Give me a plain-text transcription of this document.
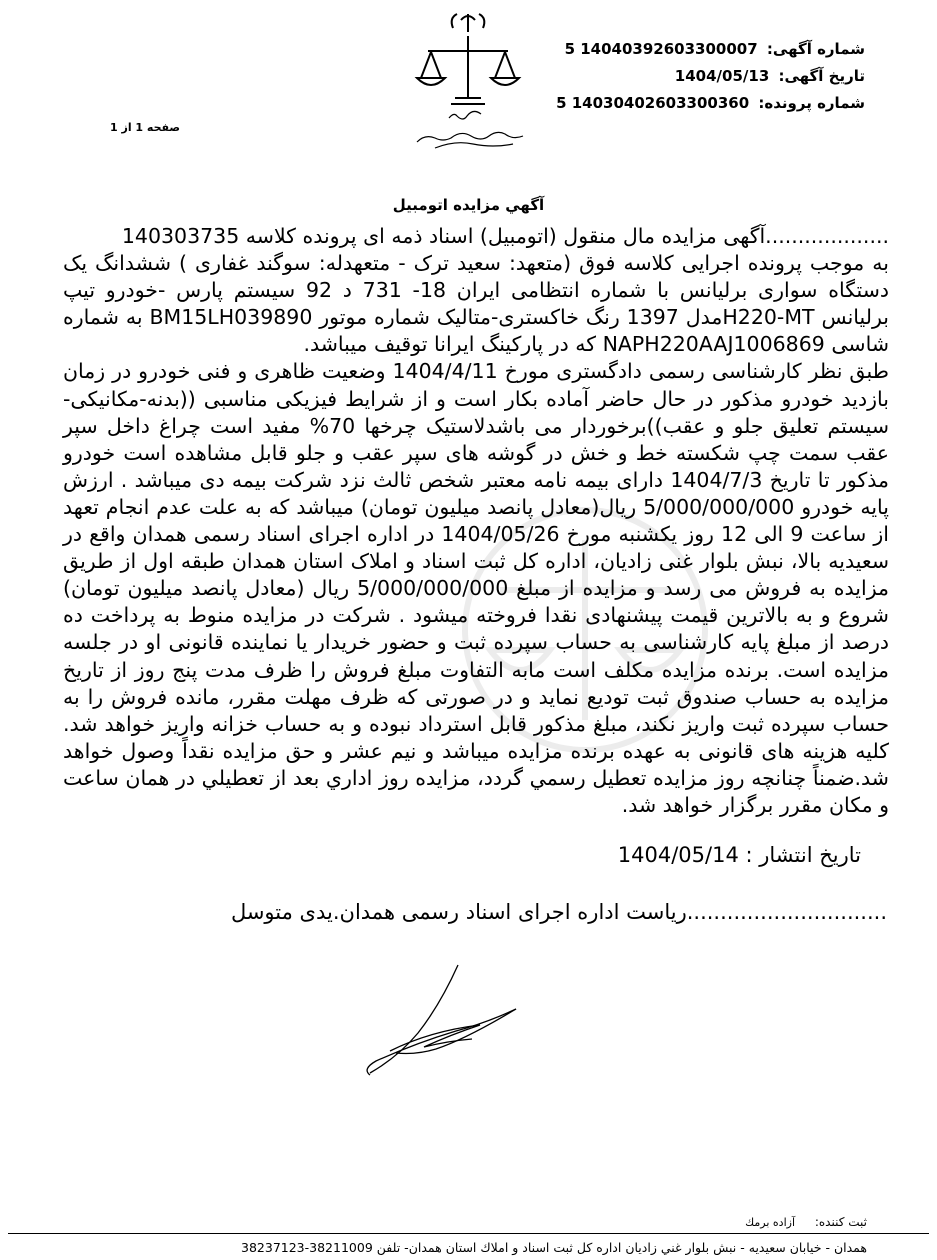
شماره آگهی: 14040392603300007 5
تاریخ آگهی: 1404/05/13
شماره پرونده: 14030402603300360 5
صفحه 1 از 1
آگهي مزايده اتومبيل

...................آگهی مزایده مال منقول (اتومبیل) اسناد ذمه ای پرونده کلاسه 140303735

به موجب پرونده اجرایی کلاسه فوق (متعهد: سعید ترک - متعهدله: سوگند غفاری ) ششدانگ یک دستگاه سواری برلیانس با شماره انتظامی ایران 18- 731 د 92 سیستم پارس -خودرو تیپ برلیانس H220-MTمدل 1397 رنگ خاکستری-متالیک شماره موتور BM15LH039890 به شماره شاسی NAPH220AAJ1006869 که در پارکینگ ایرانا توقیف میباشد.

طبق نظر کارشناسی رسمی دادگستری مورخ 1404/4/11 وضعیت ظاهری و فنی خودرو در زمان بازدید خودرو مذکور در حال حاضر آماده بکار است و از شرایط فیزیکی مناسبی ((بدنه-مکانیکی-سیستم تعلیق جلو و عقب))برخوردار می باشدلاستیک چرخها 70% مفید است چراغ داخل سپر عقب سمت چپ شکسته خط و خش در گوشه های سپر عقب و جلو قابل مشاهده است خودرو مذکور تا تاریخ 1404/7/3 دارای بیمه نامه معتبر شخص ثالث نزد شرکت بیمه دی میباشد . ارزش پایه خودرو 5/000/000/000 ریال(معادل پانصد میلیون تومان) میباشد که به علت عدم انجام تعهد از ساعت 9 الی 12 روز یکشنبه مورخ 1404/05/26 در اداره اجرای اسناد رسمی همدان واقع در سعیدیه بالا، نبش بلوار غنی زادیان، اداره کل ثبت اسناد و املاک استان همدان طبقه اول از طریق مزایده به فروش می رسد و مزایده از مبلغ 5/000/000/000 ریال (معادل پانصد میلیون تومان) شروع و به بالاترین قیمت پیشنهادی نقدا فروخته میشود . شرکت در مزایده منوط به پرداخت ده درصد از مبلغ پایه کارشناسی به حساب سپرده ثبت و حضور خریدار یا نماینده قانونی او در جلسه مزایده است. برنده مزایده مکلف است مابه التفاوت مبلغ فروش را ظرف مدت پنج روز از تاریخ مزایده به حساب صندوق ثبت تودیع نماید و در صورتی که ظرف مهلت مقرر، مانده فروش را به حساب سپرده ثبت واریز نکند، مبلغ مذکور قابل استرداد نبوده و به حساب خزانه واریز خواهد شد. کلیه هزینه های قانونی به عهده برنده مزایده میباشد و نیم عشر و حق مزایده نقداً وصول خواهد شد.ضمناً چنانچه روز مزایده تعطیل رسمي گردد، مزايده روز اداري بعد از تعطيلي در همان ساعت و مكان مقرر برگزار خواهد شد.

تاریخ انتشار : 1404/05/14
..............................ریاست اداره اجرای اسناد رسمی همدان.یدی متوسل
ثبت کننده: آزاده برمك
همدان - خيابان سعيديه - نبش بلوار غني زاديان اداره كل ثبت اسناد و املاك استان همدان- تلفن 38211009-38237123
